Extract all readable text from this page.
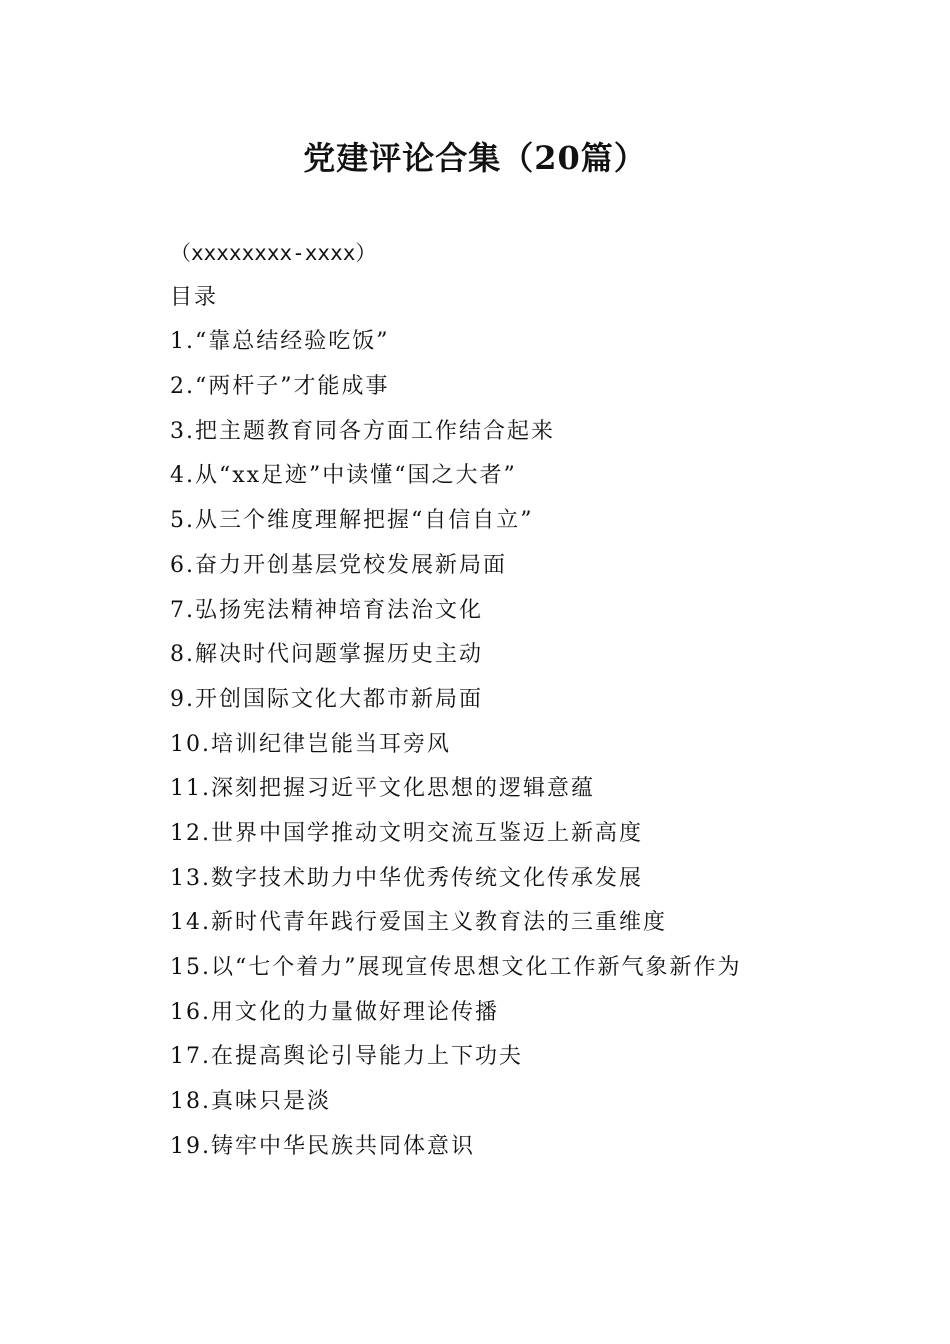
党建评论合集（20篇）
（xxxxxxxx-xxxx）
目录
1.“靠总结经验吃饭”
2.“两杆子”才能成事
3.把主题教育同各方面工作结合起来
4.从“xx足迹”中读懂“国之大者”
5.从三个维度理解把握“自信自立”
6.奋力开创基层党校发展新局面
7.弘扬宪法精神培育法治文化
8.解决时代问题掌握历史主动
9.开创国际文化大都市新局面
10.培训纪律岂能当耳旁风
11.深刻把握习近平文化思想的逻辑意蕴
12.世界中国学推动文明交流互鉴迈上新高度
13.数字技术助力中华优秀传统文化传承发展
14.新时代青年践行爱国主义教育法的三重维度
15.以“七个着力”展现宣传思想文化工作新气象新作为
16.用文化的力量做好理论传播
17.在提高舆论引导能力上下功夫
18.真味只是淡
19.铸牢中华民族共同体意识
